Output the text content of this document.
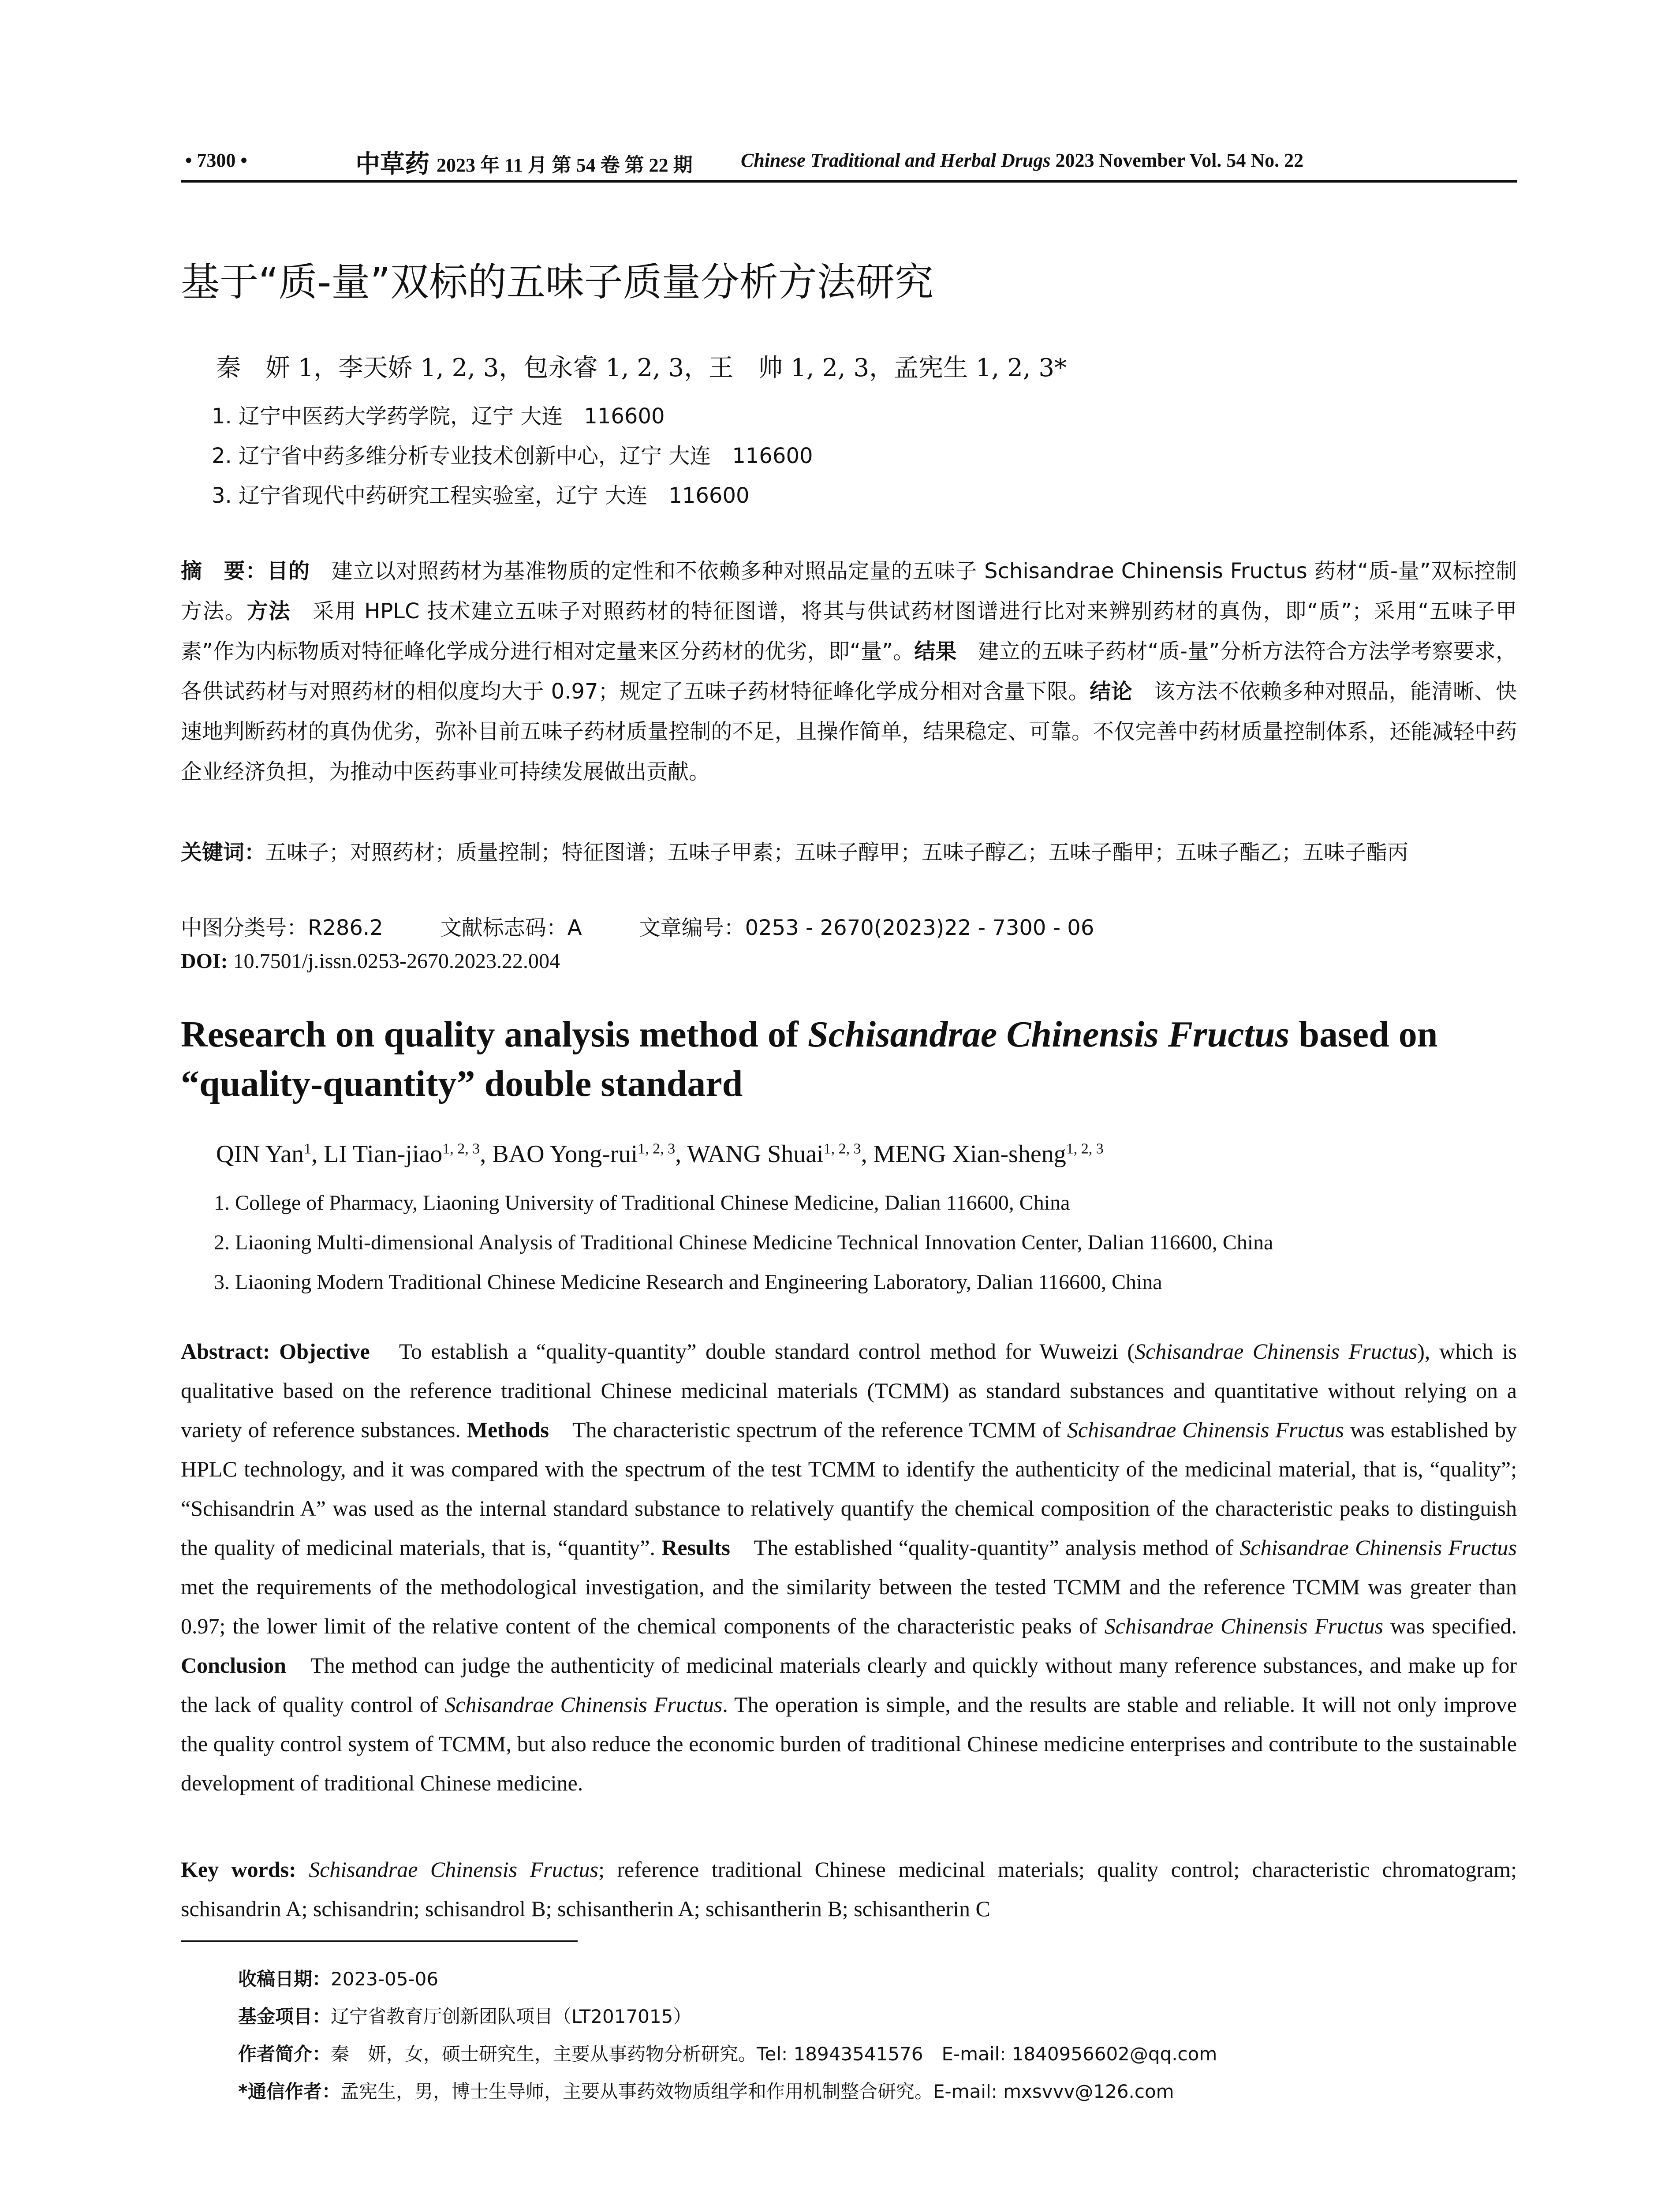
• 7300 •	中草药 2023 年 11 月 第 54 卷 第 22 期 Chinese Traditional and Herbal Drugs 2023 November Vol. 54 No. 22
基于“质-量”双标的五味子质量分析方法研究
秦　妍 1，李天娇 1, 2, 3，包永睿 1, 2, 3，王　帅 1, 2, 3，孟宪生 1, 2, 3*
1. 辽宁中医药大学药学院，辽宁 大连　116600
2. 辽宁省中药多维分析专业技术创新中心，辽宁 大连　116600
3. 辽宁省现代中药研究工程实验室，辽宁 大连　116600
摘　要：目的　 建立以对照药材为基准物质的定性和不依赖多种对照品定量的五味子 Schisandrae Chinensis Fructus 药材“质-量”双标控制方法。方法　 采用 HPLC 技术建立五味子对照药材的特征图谱，将其与供试药材图谱进行比对来辨别药材的真伪，即“质”；采用“五味子甲素”作为内标物质对特征峰化学成分进行相对定量来区分药材的优劣，即“量”。结果　 建立的五味子药材“质-量”分析方法符合方法学考察要求，各供试药材与对照药材的相似度均大于 0.97；规定了五味子药材特征峰化学成分相对含量下限。结论　 该方法不依赖多种对照品，能清晰、快速地判断药材的真伪优劣，弥补目前五味子药材质量控制的不足，且操作简单，结果稳定、可靠。不仅完善中药材质量控制体系，还能减轻中药企业经济负担，为推动中医药事业可持续发展做出贡献。
关键词：五味子；对照药材；质量控制；特征图谱；五味子甲素；五味子醇甲；五味子醇乙；五味子酯甲；五味子酯乙；五味子酯丙
中图分类号：R286.2	文献标志码：A	文章编号：0253 - 2670(2023)22 - 7300 - 06
DOI: 10.7501/j.issn.0253-2670.2023.22.004
Research on quality analysis method of Schisandrae Chinensis Fructus based on “quality-quantity” double standard
QIN Yan$^1$, LI Tian-jiao$^{1, 2, 3}$, BAO Yong-rui$^{1, 2, 3}$, WANG Shuai$^{1, 2, 3}$, MENG Xian-sheng$^{1, 2, 3}$
1. College of Pharmacy, Liaoning University of Traditional Chinese Medicine, Dalian 116600, China
2. Liaoning Multi-dimensional Analysis of Traditional Chinese Medicine Technical Innovation Center, Dalian 116600, China
3. Liaoning Modern Traditional Chinese Medicine Research and Engineering Laboratory, Dalian 116600, China
Abstract: Objective　 To establish a “quality-quantity” double standard control method for Wuweizi (Schisandrae Chinensis Fructus), which is qualitative based on the reference traditional Chinese medicinal materials (TCMM) as standard substances and quantitative without relying on a variety of reference substances. Methods　 The characteristic spectrum of the reference TCMM of Schisandrae Chinensis Fructus was established by HPLC technology, and it was compared with the spectrum of the test TCMM to identify the authenticity of the medicinal material, that is, “quality”; “Schisandrin A” was used as the internal standard substance to relatively quantify the chemical composition of the characteristic peaks to distinguish the quality of medicinal materials, that is, “quantity”. Results　 The established “quality-quantity” analysis method of Schisandrae Chinensis Fructus met the requirements of the methodological investigation, and the similarity between the tested TCMM and the reference TCMM was greater than 0.97; the lower limit of the relative content of the chemical components of the characteristic peaks of Schisandrae Chinensis Fructus was specified. Conclusion　 The method can judge the authenticity of medicinal materials clearly and quickly without many reference substances, and make up for the lack of quality control of Schisandrae Chinensis Fructus. The operation is simple, and the results are stable and reliable. It will not only improve the quality control system of TCMM, but also reduce the economic burden of traditional Chinese medicine enterprises and contribute to the sustainable development of traditional Chinese medicine.
Key words: Schisandrae Chinensis Fructus; reference traditional Chinese medicinal materials; quality control; characteristic chromatogram; schisandrin A; schisandrin; schisandrol B; schisantherin A; schisantherin B; schisantherin C
收稿日期：2023-05-06
基金项目：辽宁省教育厅创新团队项目（LT2017015）
作者简介：秦　妍，女，硕士研究生，主要从事药物分析研究。Tel: 18943541576　E-mail: 1840956602@qq.com
*通信作者：孟宪生，男，博士生导师，主要从事药效物质组学和作用机制整合研究。E-mail: mxsvvv@126.com
